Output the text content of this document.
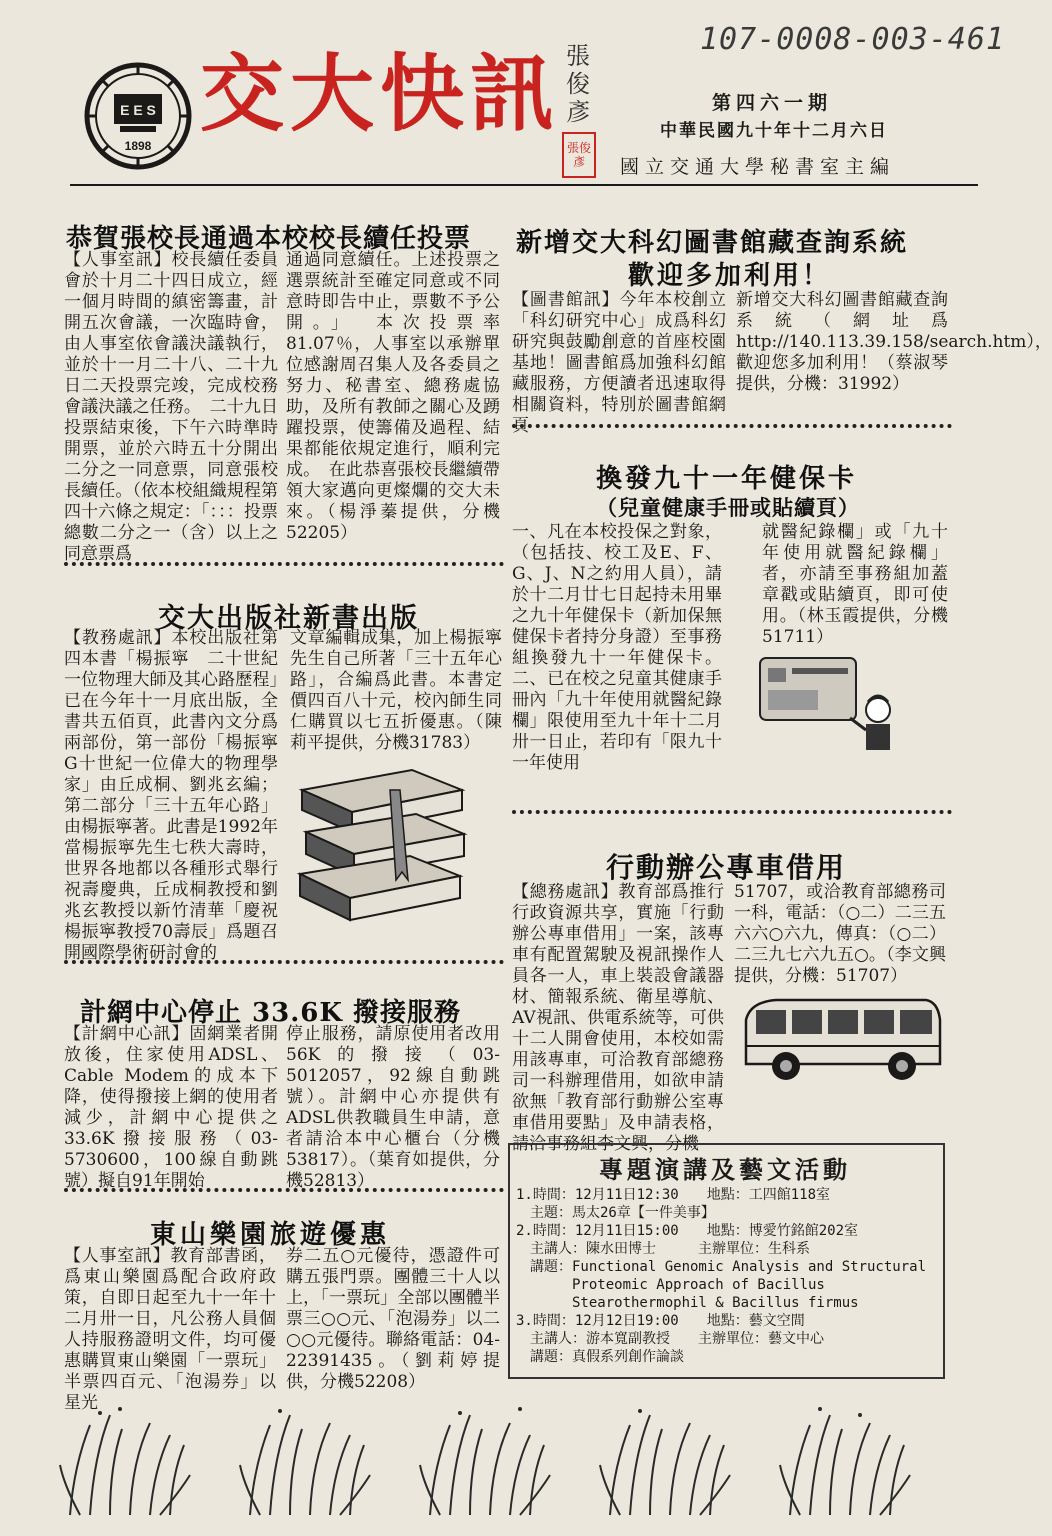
107-0008-003-461
E E S
1898
交大快訊 張俊彥
張俊彥
第四六一期
中華民國九十年十二月六日
國立交通大學秘書室主編
恭賀張校長通過本校校長續任投票
【人事室訊】校長續任委員會於十月二十四日成立，經一個月時間的縝密籌畫，計開五次會議，一次臨時會，由人事室依會議決議執行，並於十一月二十八、二十九日二天投票完竣，完成校務會議決議之任務。　二十九日投票結束後，下午六時準時開票，並於六時五十分開出二分之一同意票，同意張校長續任。（依本校組織規程第四十六條之規定：「：：：投票總數二分之一（含）以上之同意票爲
通過同意續任。上述投票之選票統計至確定同意或不同意時即告中止，票數不予公開。」　本次投票率81.07％，人事室以承辦單位感謝周召集人及各委員之努力、秘書室、總務處協助，及所有教師之關心及踴躍投票，使籌備及過程、結果都能依規定進行，順利完成。　在此恭喜張校長繼續帶領大家邁向更燦爛的交大未來。（楊淨蓁提供，分機52205）
新增交大科幻圖書館藏查詢系統
歡迎多加利用！
【圖書館訊】今年本校創立「科幻研究中心」成爲科幻研究與鼓勵創意的首座校園基地！圖書館爲加強科幻館藏服務，方便讀者迅速取得相關資料，特別於圖書館網頁
新增交大科幻圖書館藏查詢系統（網址爲http://140.113.39.158/search.htm），歡迎您多加利用！（蔡淑琴提供，分機：31992）
換發九十一年健保卡
（兒童健康手冊或貼續頁）
一、凡在本校投保之對象，（包括技、校工及E、F、G、J、N之約用人員），請於十二月廿七日起持未用畢之九十年健保卡（新加保無健保卡者持分身證）至事務組換發九十一年健保卡。二、已在校之兒童其健康手冊內「九十年使用就醫紀錄欄」限使用至九十年十二月卅一日止，若印有「限九十一年使用
就醫紀錄欄」或「九十年使用就醫紀錄欄」者，亦請至事務組加蓋章戳或貼續頁，即可使用。（林玉霞提供，分機51711）
交大出版社新書出版
【教務處訊】本校出版社第四本書「楊振寧　二十世紀一位物理大師及其心路歷程」已在今年十一月底出版，全書共五佰頁，此書內文分爲兩部份，第一部份「楊振寧　G十世紀一位偉大的物理學家」由丘成桐、劉兆玄編；第二部分「三十五年心路」由楊振寧著。此書是1992年當楊振寧先生七秩大壽時，世界各地都以各種形式舉行祝壽慶典，丘成桐教授和劉兆玄教授以新竹清華「慶祝楊振寧教授70壽辰」爲題召開國際學術研討會的
文章編輯成集，加上楊振寧先生自己所著「三十五年心路」，合編爲此書。本書定價四百八十元，校內師生同仁購買以七五折優惠。（陳莉平提供，分機31783）
行動辦公專車借用
【總務處訊】教育部爲推行行政資源共享，實施「行動辦公專車借用」一案，該專車有配置駕駛及視訊操作人員各一人，車上裝設會議器材、簡報系統、衛星導航、AV視訊、供電系統等，可供十二人開會使用，本校如需用該專車，可洽教育部總務司一科辦理借用，如欲申請欲無「教育部行動辦公室專車借用要點」及申請表格，請洽事務組李文興，分機
51707，或洽教育部總務司一科，電話：（○二）二三五六六○六九，傳真：（○二）二三九七六九五○。（李文興提供，分機：51707）
計網中心停止 33.6K 撥接服務
【計網中心訊】固網業者開放後，住家使用ADSL、Cable Modem的成本下降，使得撥接上網的使用者減少，計網中心提供之33.6K撥接服務（03-5730600，100線自動跳號）擬自91年開始
停止服務，請原使用者改用56K的撥接（03-5012057，92線自動跳號）。計網中心亦提供有ADSL供教職員生申請，意者請洽本中心櫃台（分機53817）。（葉育如提供，分機52813）
東山樂園旅遊優惠
【人事室訊】教育部書函，爲東山樂園爲配合政府政策，自即日起至九十一年十二月卅一日，凡公務人員個人持服務證明文件，均可優惠購買東山樂園「一票玩」半票四百元、「泡湯券」以星光
券二五○元優待，憑證件可購五張門票。團體三十人以上，「一票玩」全部以團體半票三○○元、「泡湯券」以二○○元優待。聯絡電話：04-22391435。（劉莉婷提供，分機52208）
專題演講及藝文活動
1.時間：12月11日12:30　　地點：工四館118室
　主題：馬太26章【一件美事】
2.時間：12月11日15:00　　地點：博愛竹銘館202室
　主講人：陳水田博士　　　主辦單位：生科系
　講題：Functional Genomic Analysis and Structural
　　　　Proteomic Approach of Bacillus
　　　　Stearothermophil & Bacillus firmus
3.時間：12月12日19:00　　地點：藝文空間
　主講人：游本寬副教授　　主辦單位：藝文中心
　講題：真假系列創作論談
